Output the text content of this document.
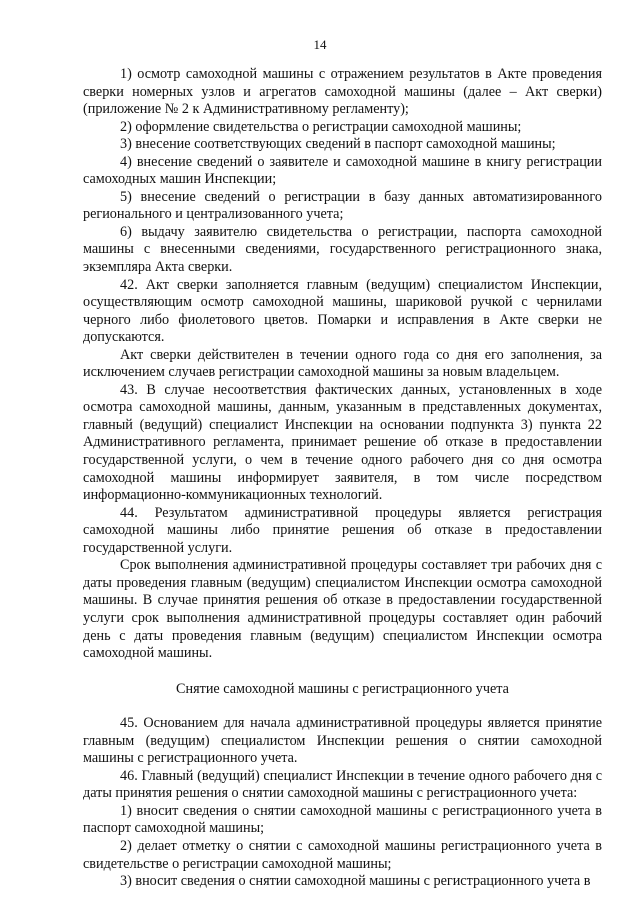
14

1) осмотр самоходной машины с отражением результатов в Акте проведения сверки номерных узлов и агрегатов самоходной машины (далее – Акт сверки) (приложение № 2 к Административному регламенту);

2) оформление свидетельства о регистрации самоходной машины;

3) внесение соответствующих сведений в паспорт самоходной машины;

4) внесение сведений о заявителе и самоходной машине в книгу регистрации самоходных машин Инспекции;

5) внесение сведений о регистрации в базу данных автоматизированного регионального и централизованного учета;

6) выдачу заявителю свидетельства о регистрации, паспорта самоходной машины с внесенными сведениями, государственного регистрационного знака, экземпляра Акта сверки.

42. Акт сверки заполняется главным (ведущим) специалистом Инспекции, осуществляющим осмотр самоходной машины, шариковой ручкой с чернилами черного либо фиолетового цветов. Помарки и исправления в Акте сверки не допускаются.

Акт сверки действителен в течении одного года со дня его заполнения, за исключением случаев регистрации самоходной машины за новым владельцем.

43. В случае несоответствия фактических данных, установленных в ходе осмотра самоходной машины, данным, указанным в представленных документах, главный (ведущий) специалист Инспекции на основании подпункта 3) пункта 22 Административного регламента, принимает решение об отказе в предоставлении государственной услуги, о чем в течение одного рабочего дня со дня осмотра самоходной машины информирует заявителя, в том числе посредством информационно-коммуникационных технологий.

44. Результатом административной процедуры является регистрация самоходной машины либо принятие решения об отказе в предоставлении государственной услуги.

Срок выполнения административной процедуры составляет три рабочих дня с даты проведения главным (ведущим) специалистом Инспекции осмотра самоходной машины. В случае принятия решения об отказе в предоставлении государственной услуги срок выполнения административной процедуры составляет один рабочий день с даты проведения главным (ведущим) специалистом Инспекции осмотра самоходной машины.

Снятие самоходной машины с регистрационного учета

45. Основанием для начала административной процедуры является принятие главным (ведущим) специалистом Инспекции решения о снятии самоходной машины с регистрационного учета.

46. Главный (ведущий) специалист Инспекции в течение одного рабочего дня с даты принятия решения о снятии самоходной машины с регистрационного учета:

1) вносит сведения о снятии самоходной машины с регистрационного учета в паспорт самоходной машины;

2) делает отметку о снятии с самоходной машины регистрационного учета в свидетельстве о регистрации самоходной машины;

3) вносит сведения о снятии самоходной машины с регистрационного учета в
